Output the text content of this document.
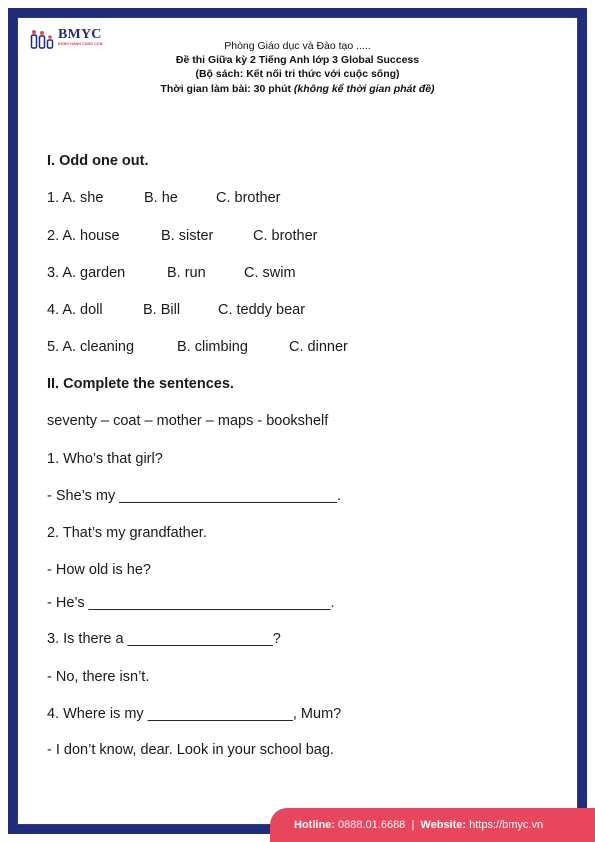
BMYC
ĐỒNG HÀNH CÙNG CON	Phòng Giáo dục và Đào tạo .....
Đề thi Giữa kỳ 2 Tiếng Anh lớp 3 Global Success
(Bộ sách: Kết nối tri thức với cuộc sống)
Thời gian làm bài: 30 phút (không kể thời gian phát đề)
I. Odd one out.

1. A. she

	B. he

	C. brother

2. A. house

	B. sister

	C. brother

3. A. garden

	B. run

	C. swim

4. A. doll

	B. Bill

	C. teddy bear

5. A. cleaning

	B. climbing

	C. dinner

II. Complete the sentences.
seventy – coat – mother – maps - bookshelf
1. Who’s that girl?
- She’s my ___________________________.
2. That’s my grandfather.
- How old is he?
- He’s ______________________________.
3. Is there a __________________?
- No, there isn’t.
4. Where is my __________________, Mum?
- I don’t know, dear. Look in your school bag.
Hotline: 0888.01.6688 | Website: https://bmyc.vn
